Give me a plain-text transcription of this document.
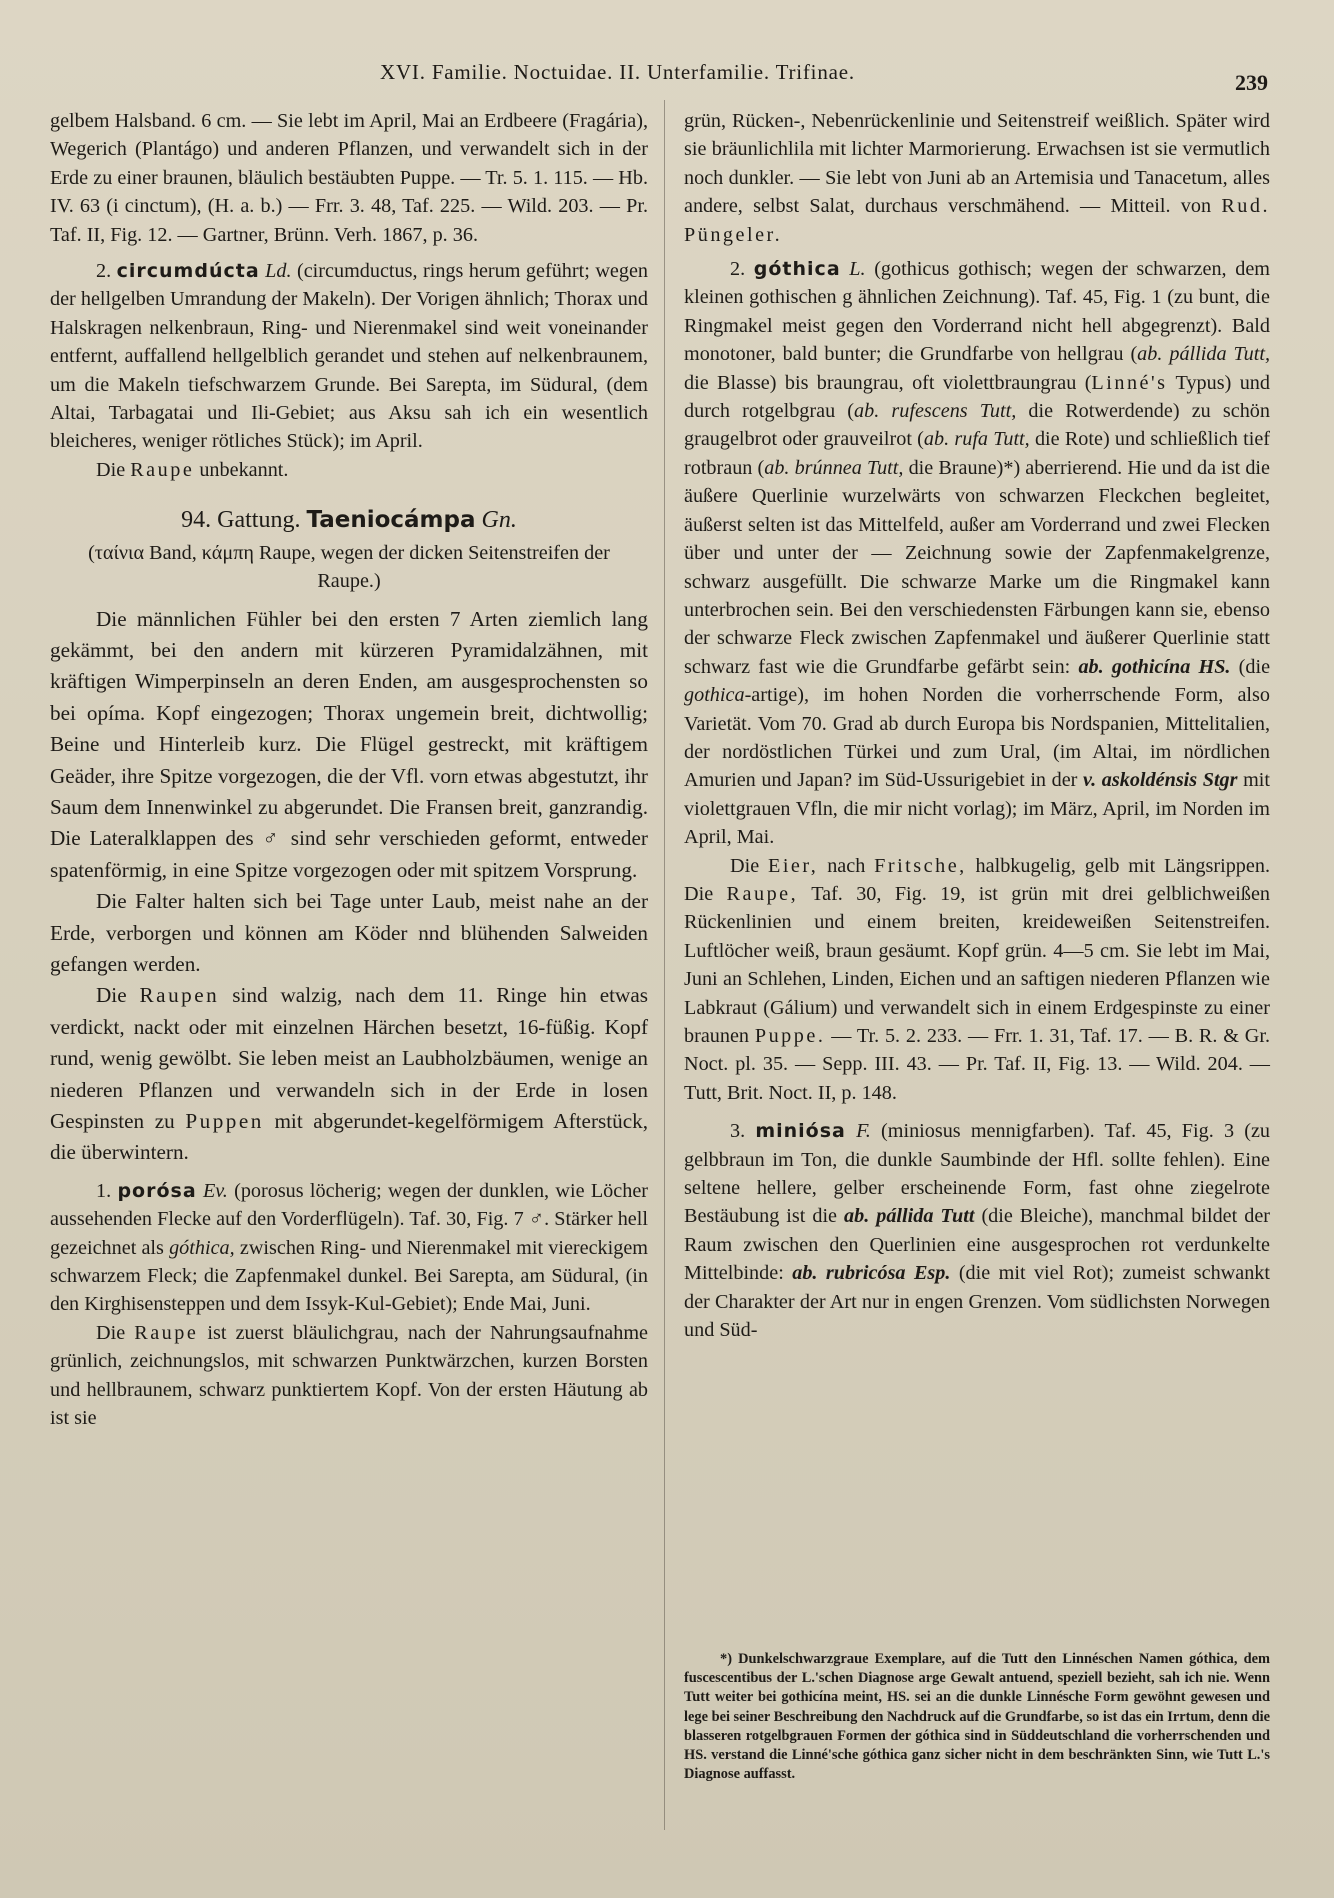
XVI. Familie. Noctuidae. II. Unterfamilie. Trifinae.	239

gelbem Halsband. 6 cm. — Sie lebt im April, Mai an Erdbeere (Fragária), Wegerich (Plantágo) und anderen Pflanzen, und verwandelt sich in der Erde zu einer braunen, bläulich bestäubten Puppe. — Tr. 5. 1. 115. — Hb. IV. 63 (i cinctum), (H. a. b.) — Frr. 3. 48, Taf. 225. — Wild. 203. — Pr. Taf. II, Fig. 12. — Gartner, Brünn. Verh. 1867, p. 36.

2. circumdúcta Ld. (circumductus, rings herum geführt; wegen der hellgelben Umrandung der Makeln). Der Vorigen ähnlich; Thorax und Halskragen nelkenbraun, Ring- und Nierenmakel sind weit voneinander entfernt, auffallend hellgelblich gerandet und stehen auf nelkenbraunem, um die Makeln tiefschwarzem Grunde. Bei Sarepta, im Südural, (dem Altai, Tarbagatai und Ili-Gebiet; aus Aksu sah ich ein wesentlich bleicheres, weniger rötliches Stück); im April.

Die Raupe unbekannt.

94. Gattung. Taeniocámpa Gn.

(ταίνια Band, κάμπη Raupe, wegen der dicken Seitenstreifen der Raupe.)

Die männlichen Fühler bei den ersten 7 Arten ziemlich lang gekämmt, bei den andern mit kürzeren Pyramidalzähnen, mit kräftigen Wimperpinseln an deren Enden, am ausgesprochensten so bei opíma. Kopf eingezogen; Thorax ungemein breit, dichtwollig; Beine und Hinterleib kurz. Die Flügel gestreckt, mit kräftigem Geäder, ihre Spitze vorgezogen, die der Vfl. vorn etwas abgestutzt, ihr Saum dem Innenwinkel zu abgerundet. Die Fransen breit, ganzrandig. Die Lateralklappen des ♂ sind sehr verschieden geformt, entweder spatenförmig, in eine Spitze vorgezogen oder mit spitzem Vorsprung.

Die Falter halten sich bei Tage unter Laub, meist nahe an der Erde, verborgen und können am Köder nnd blühenden Salweiden gefangen werden.

Die Raupen sind walzig, nach dem 11. Ringe hin etwas verdickt, nackt oder mit einzelnen Härchen besetzt, 16-füßig. Kopf rund, wenig gewölbt. Sie leben meist an Laubholzbäumen, wenige an niederen Pflanzen und verwandeln sich in der Erde in losen Gespinsten zu Puppen mit abgerundet-kegelförmigem Afterstück, die überwintern.

1. porósa Ev. (porosus löcherig; wegen der dunklen, wie Löcher aussehenden Flecke auf den Vorderflügeln). Taf. 30, Fig. 7 ♂. Stärker hell gezeichnet als góthica, zwischen Ring- und Nierenmakel mit viereckigem schwarzem Fleck; die Zapfenmakel dunkel. Bei Sarepta, am Südural, (in den Kirghisensteppen und dem Issyk-Kul-Gebiet); Ende Mai, Juni.

Die Raupe ist zuerst bläulichgrau, nach der Nahrungsaufnahme grünlich, zeichnungslos, mit schwarzen Punktwärzchen, kurzen Borsten und hellbraunem, schwarz punktiertem Kopf. Von der ersten Häutung ab ist sie

grün, Rücken-, Nebenrückenlinie und Seitenstreif weißlich. Später wird sie bräunlichlila mit lichter Marmorierung. Erwachsen ist sie vermutlich noch dunkler. — Sie lebt von Juni ab an Artemisia und Tanacetum, alles andere, selbst Salat, durchaus verschmähend. — Mitteil. von Rud. Püngeler.

2. góthica L. (gothicus gothisch; wegen der schwarzen, dem kleinen gothischen g ähnlichen Zeichnung). Taf. 45, Fig. 1 (zu bunt, die Ringmakel meist gegen den Vorderrand nicht hell abgegrenzt). Bald monotoner, bald bunter; die Grundfarbe von hellgrau (ab. pállida Tutt, die Blasse) bis braungrau, oft violettbraungrau (Linné's Typus) und durch rotgelbgrau (ab. rufescens Tutt, die Rotwerdende) zu schön graugelbrot oder grauveilrot (ab. rufa Tutt, die Rote) und schließlich tief rotbraun (ab. brúnnea Tutt, die Braune)*) aberrierend. Hie und da ist die äußere Querlinie wurzelwärts von schwarzen Fleckchen begleitet, äußerst selten ist das Mittelfeld, außer am Vorderrand und zwei Flecken über und unter der — Zeichnung sowie der Zapfenmakelgrenze, schwarz ausgefüllt. Die schwarze Marke um die Ringmakel kann unterbrochen sein. Bei den verschiedensten Färbungen kann sie, ebenso der schwarze Fleck zwischen Zapfenmakel und äußerer Querlinie statt schwarz fast wie die Grundfarbe gefärbt sein: ab. gothicína HS. (die gothica-artige), im hohen Norden die vorherrschende Form, also Varietät. Vom 70. Grad ab durch Europa bis Nordspanien, Mittelitalien, der nordöstlichen Türkei und zum Ural, (im Altai, im nördlichen Amurien und Japan? im Süd-Ussurigebiet in der v. askoldénsis Stgr mit violettgrauen Vfln, die mir nicht vorlag); im März, April, im Norden im April, Mai.

Die Eier, nach Fritsche, halbkugelig, gelb mit Längsrippen. Die Raupe, Taf. 30, Fig. 19, ist grün mit drei gelblichweißen Rückenlinien und einem breiten, kreideweißen Seitenstreifen. Luftlöcher weiß, braun gesäumt. Kopf grün. 4—5 cm. Sie lebt im Mai, Juni an Schlehen, Linden, Eichen und an saftigen niederen Pflanzen wie Labkraut (Gálium) und verwandelt sich in einem Erdgespinste zu einer braunen Puppe. — Tr. 5. 2. 233. — Frr. 1. 31, Taf. 17. — B. R. & Gr. Noct. pl. 35. — Sepp. III. 43. — Pr. Taf. II, Fig. 13. — Wild. 204. — Tutt, Brit. Noct. II, p. 148.

3. miniósa F. (miniosus mennigfarben). Taf. 45, Fig. 3 (zu gelbbraun im Ton, die dunkle Saumbinde der Hfl. sollte fehlen). Eine seltene hellere, gelber erscheinende Form, fast ohne ziegelrote Bestäubung ist die ab. pállida Tutt (die Bleiche), manchmal bildet der Raum zwischen den Querlinien eine ausgesprochen rot verdunkelte Mittelbinde: ab. rubricósa Esp. (die mit viel Rot); zumeist schwankt der Charakter der Art nur in engen Grenzen. Vom südlichsten Norwegen und Süd-

*) Dunkelschwarzgraue Exemplare, auf die Tutt den Linnéschen Namen góthica, dem fuscescentibus der L.'schen Diagnose arge Gewalt antuend, speziell bezieht, sah ich nie. Wenn Tutt weiter bei gothicína meint, HS. sei an die dunkle Linnésche Form gewöhnt gewesen und lege bei seiner Beschreibung den Nachdruck auf die Grundfarbe, so ist das ein Irrtum, denn die blasseren rotgelbgrauen Formen der góthica sind in Süddeutschland die vorherrschenden und HS. verstand die Linné'sche góthica ganz sicher nicht in dem beschränkten Sinn, wie Tutt L.'s Diagnose auffasst.
